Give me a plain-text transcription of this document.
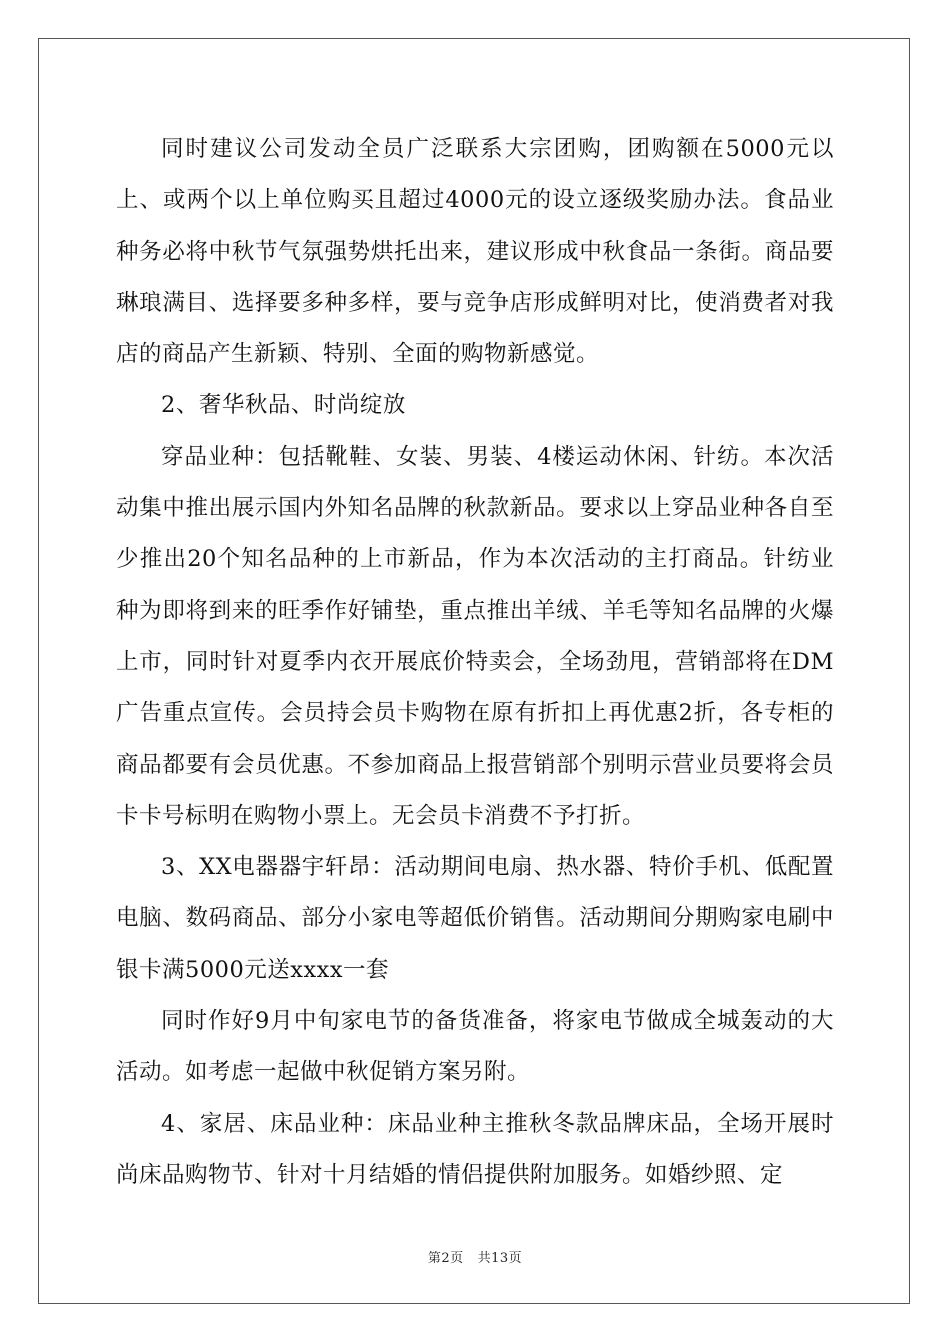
同时建议公司发动全员广泛联系大宗团购，团购额在5000元以上、或两个以上单位购买且超过4000元的设立逐级奖励办法。食品业种务必将中秋节气氛强势烘托出来，建议形成中秋食品一条街。商品要琳琅满目、选择要多种多样，要与竞争店形成鲜明对比，使消费者对我店的商品产生新颖、特别、全面的购物新感觉。

2、奢华秋品、时尚绽放

穿品业种：包括靴鞋、女装、男装、4楼运动休闲、针纺。本次活动集中推出展示国内外知名品牌的秋款新品。要求以上穿品业种各自至少推出20个知名品种的上市新品，作为本次活动的主打商品。针纺业种为即将到来的旺季作好铺垫，重点推出羊绒、羊毛等知名品牌的火爆上市，同时针对夏季内衣开展底价特卖会，全场劲甩，营销部将在DM广告重点宣传。会员持会员卡购物在原有折扣上再优惠2折，各专柜的商品都要有会员优惠。不参加商品上报营销部个别明示营业员要将会员卡卡号标明在购物小票上。无会员卡消费不予打折。

3、XX电器器宇轩昂：活动期间电扇、热水器、特价手机、低配置电脑、数码商品、部分小家电等超低价销售。活动期间分期购家电刷中银卡满5000元送xxxx一套

同时作好9月中旬家电节的备货准备，将家电节做成全城轰动的大活动。如考虑一起做中秋促销方案另附。

4、家居、床品业种：床品业种主推秋冬款品牌床品，全场开展时尚床品购物节、针对十月结婚的情侣提供附加服务。如婚纱照、定

第2页 共13页
